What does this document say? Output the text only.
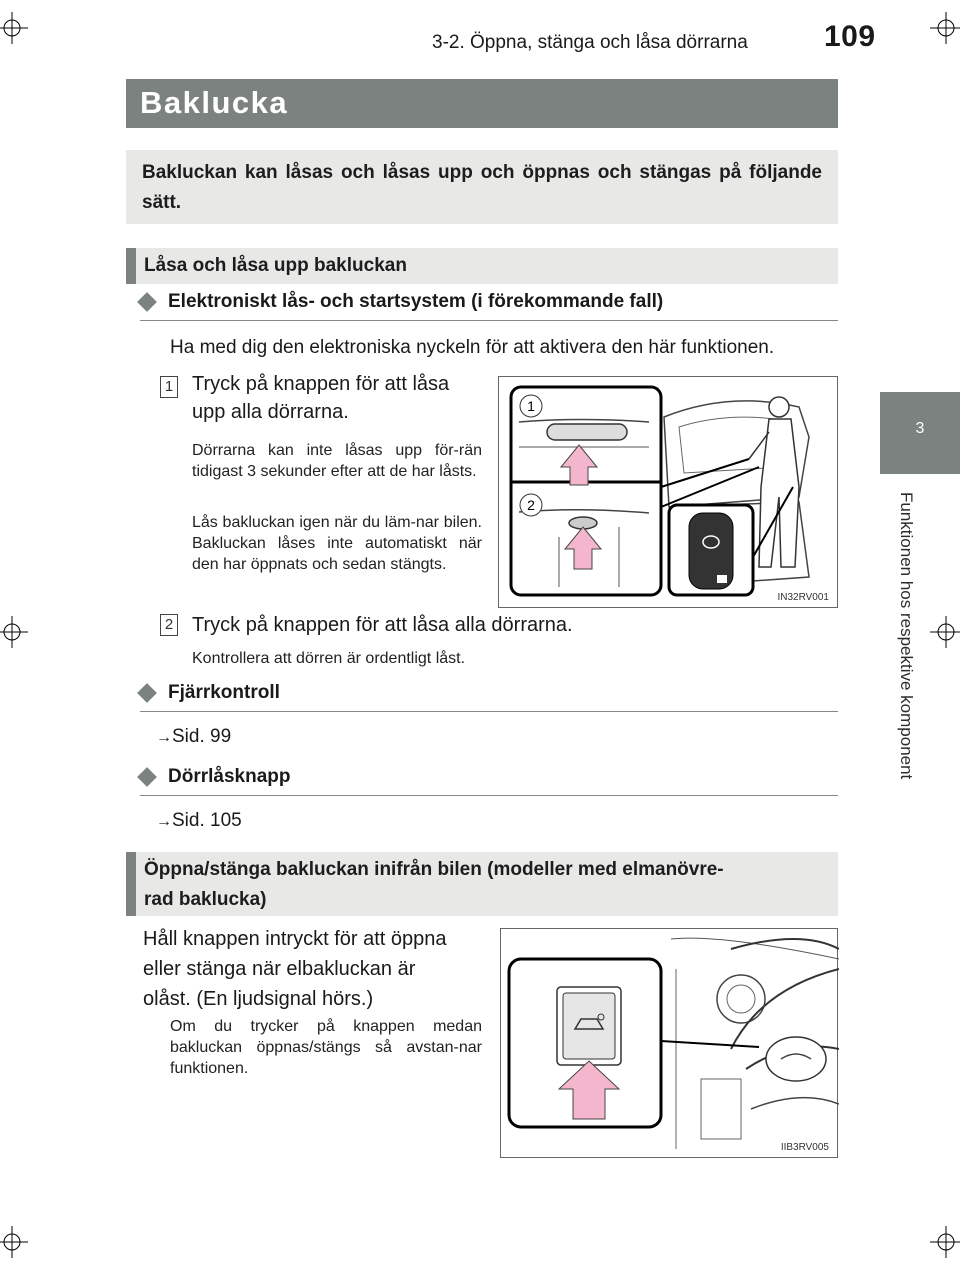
3-2. Öppna, stänga och låsa dörrarna	109
3
Funktionen hos respektive komponent
Baklucka
Bakluckan kan låsas och låsas upp och öppnas och stängas på följande sätt.
Låsa och låsa upp bakluckan
Elektroniskt lås- och startsystem (i förekommande fall)
Ha med dig den elektroniska nyckeln för att aktivera den här funktionen.
1 Tryck på knappen för att låsa
upp alla dörrarna.
Dörrarna kan inte låsas upp för-rän tidigast 3 sekunder efter att de har låsts.
Lås bakluckan igen när du läm-nar bilen. Bakluckan låses inte automatiskt när den har öppnats och sedan stängts.
1
2
IN32RV001
2 Tryck på knappen för att låsa alla dörrarna.
Kontrollera att dörren är ordentligt låst.
Fjärrkontroll
→Sid. 99
Dörrlåsknapp
→Sid. 105
Öppna/stänga bakluckan inifrån bilen (modeller med elmanövre-
rad baklucka)
Håll knappen intryckt för att öppna
eller stänga när elbakluckan är
olåst. (En ljudsignal hörs.)
Om du trycker på knappen medan bakluckan öppnas/stängs så avstan-nar funktionen.
IIB3RV005
